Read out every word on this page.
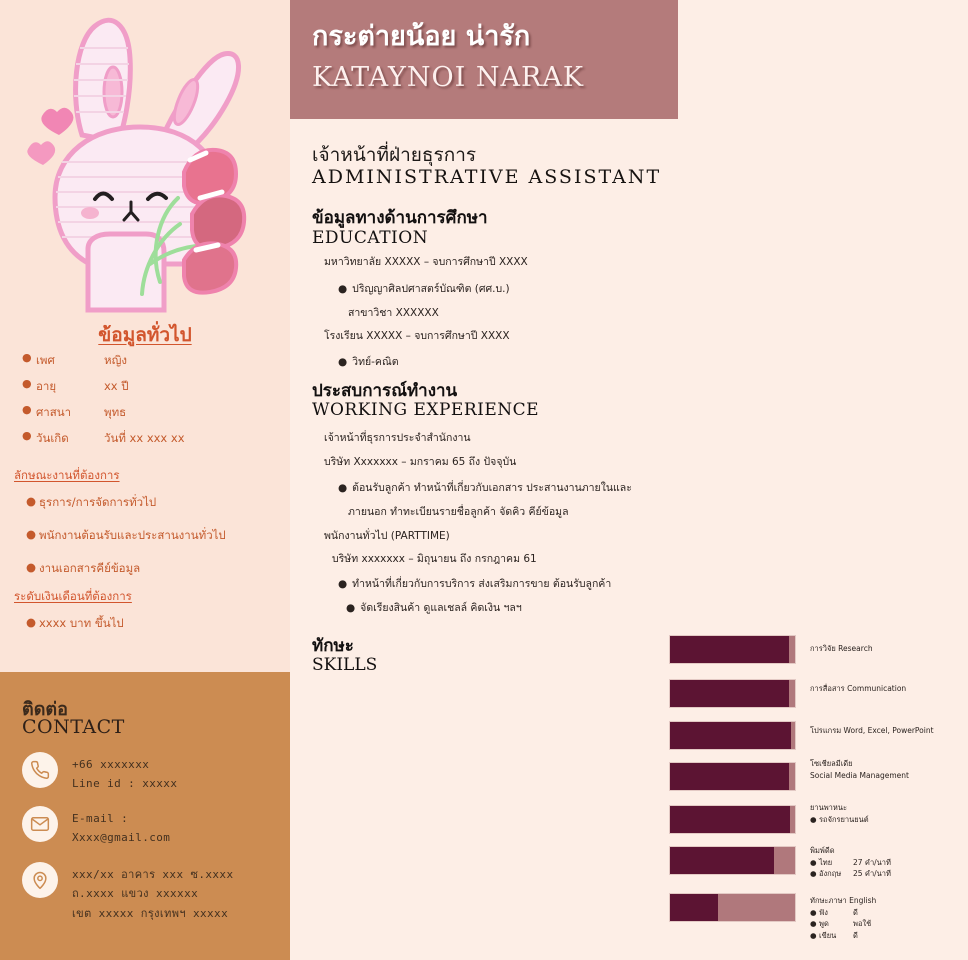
ข้อมูลทั่วไป
● เพศ	หญิง
● อายุ	xx ปี
● ศาสนา	พุทธ
● วันเกิด	วันที่ xx xxx xx
ลักษณะงานที่ต้องการ
● ธุรการ/การจัดการทั่วไป
● พนักงานต้อนรับและประสานงานทั่วไป
● งานเอกสารคีย์ข้อมูล
ระดับเงินเดือนที่ต้องการ
● xxxx บาท ขึ้นไป
ติดต่อ
CONTACT
+66 xxxxxxx
Line id : xxxxx
E-mail :
Xxxx@gmail.com
xxx/xx อาคาร xxx ซ.xxxx
ถ.xxxx แขวง xxxxxx
เขต xxxxx กรุงเทพฯ xxxxx
กระต่ายน้อย น่ารัก
KATAYNOI NARAK
เจ้าหน้าที่ฝ่ายธุรการ
ADMINISTRATIVE ASSISTANT
ข้อมูลทางด้านการศึกษา
EDUCATION
มหาวิทยาลัย XXXXX – จบการศึกษาปี XXXX
● ปริญญาศิลปศาสตร์บัณฑิต (ศศ.บ.)
สาขาวิชา XXXXXX
โรงเรียน XXXXX – จบการศึกษาปี XXXX
● วิทย์-คณิต
ประสบการณ์ทำงาน
WORKING EXPERIENCE
เจ้าหน้าที่ธุรการประจำสำนักงาน
บริษัท Xxxxxxx – มกราคม 65 ถึง ปัจจุบัน
● ต้อนรับลูกค้า ทำหน้าที่เกี่ยวกับเอกสาร ประสานงานภายในและ
ภายนอก ทำทะเบียนรายชื่อลูกค้า จัดคิว คีย์ข้อมูล
พนักงานทั่วไป (PARTTIME)
บริษัท xxxxxxx – มิถุนายน ถึง กรกฎาคม 61
● ทำหน้าที่เกี่ยวกับการบริการ ส่งเสริมการขาย ต้อนรับลูกค้า
● จัดเรียงสินค้า ดูแลเชลล์ คิดเงิน ฯลฯ
ทักษะ
SKILLS
การวิจัย Research
การสื่อสาร Communication
โปรแกรม Word, Excel, PowerPoint
โซเชียลมีเดีย
Social Media Management
ยานพาหนะ
● รถจักรยานยนต์
พิมพ์ดีด
● ไทย	27 คำ/นาที
● อังกฤษ	25 คำ/นาที
ทักษะภาษา English
● ฟัง	ดี
● พูด	พอใช้
● เขียน	ดี
